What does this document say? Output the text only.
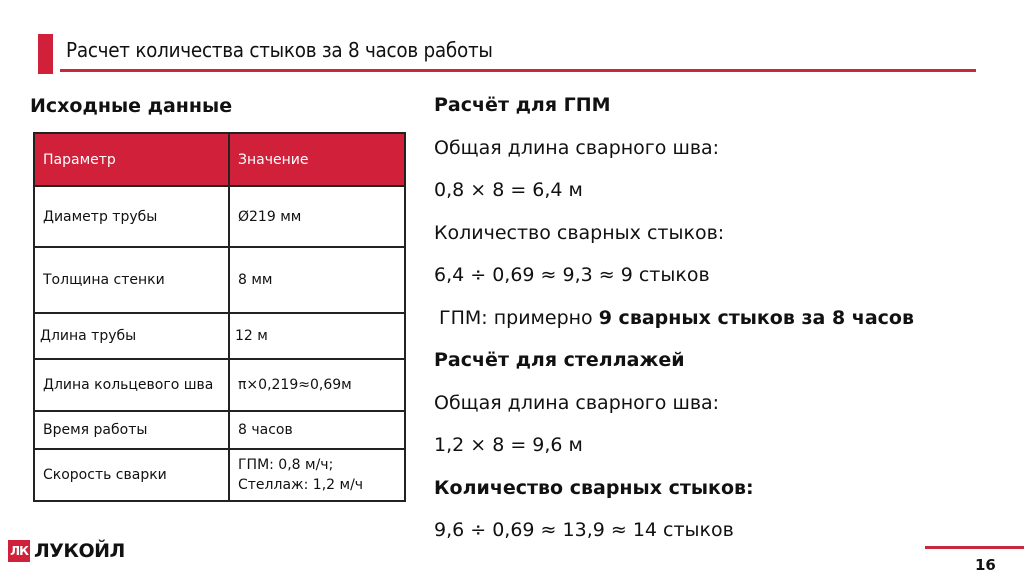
Расчет количества стыков за 8 часов работы
Исходные данные
Параметр	Значение
Диаметр трубы	Ø219 мм
Толщина стенки	8 мм
Длина трубы	12 м
Длина кольцевого шва	π×0,219≈0,69м
Время работы	8 часов
Скорость сварки	ГПМ: 0,8 м/ч;
Стеллаж: 1,2 м/ч
Расчёт для ГПМ
Общая длина сварного шва:
0,8 × 8 = 6,4 м
Количество сварных стыков:
6,4 ÷ 0,69 ≈ 9,3 ≈ 9 стыков
ГПМ: примерно 9 сварных стыков за 8 часов
Расчёт для стеллажей
Общая длина сварного шва:
1,2 × 8 = 9,6 м
Количество сварных стыков:
9,6 ÷ 0,69 ≈ 13,9 ≈ 14 стыков
ЛК ЛУКОЙЛ
16
